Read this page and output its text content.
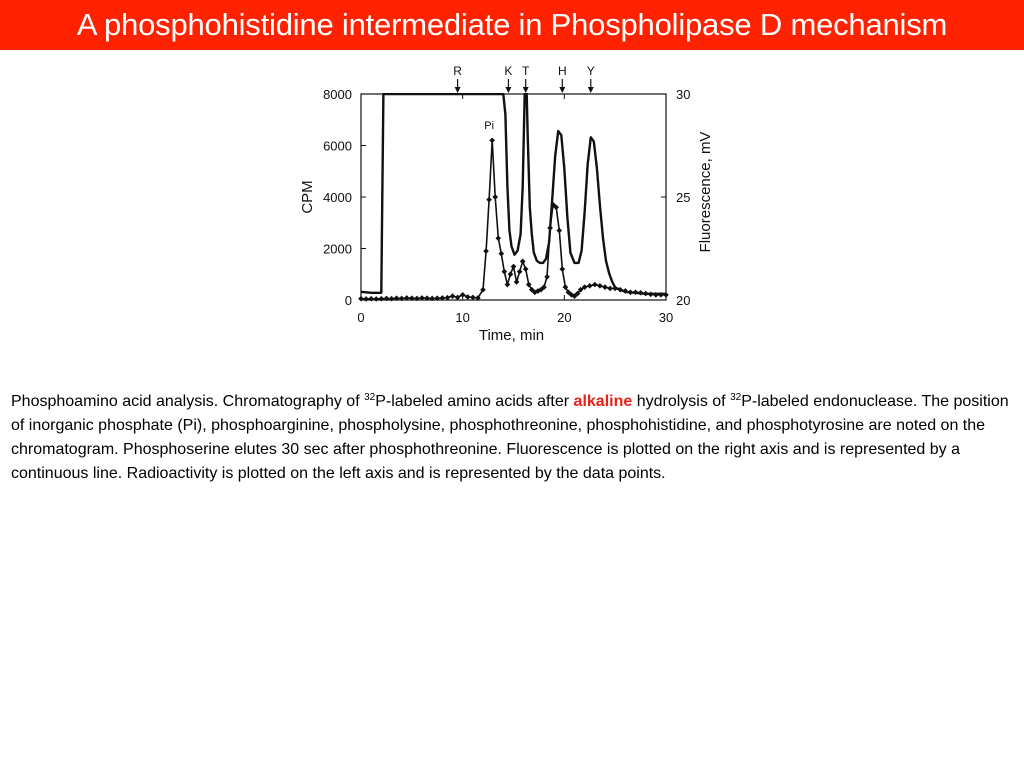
A phosphohistidine intermediate in Phospholipase D mechanism
0	10	20	30
0
2000
4000
6000
8000
20
25
30
Time, min
CPM	Fluorescence, mV
R	K T H Y
Pi
Phosphoamino acid analysis. Chromatography of $^{32}$P-labeled amino acids after alkaline hydrolysis of $^{32}$P-labeled endonuclease. The position of inorganic phosphate (Pi), phosphoarginine, phospholysine, phosphothreonine, phosphohistidine, and phosphotyrosine are noted on the chromatogram. Phosphoserine elutes 30 sec after phosphothreonine. Fluorescence is plotted on the right axis and is represented by a continuous line. Radioactivity is plotted on the left axis and is represented by the data points.
